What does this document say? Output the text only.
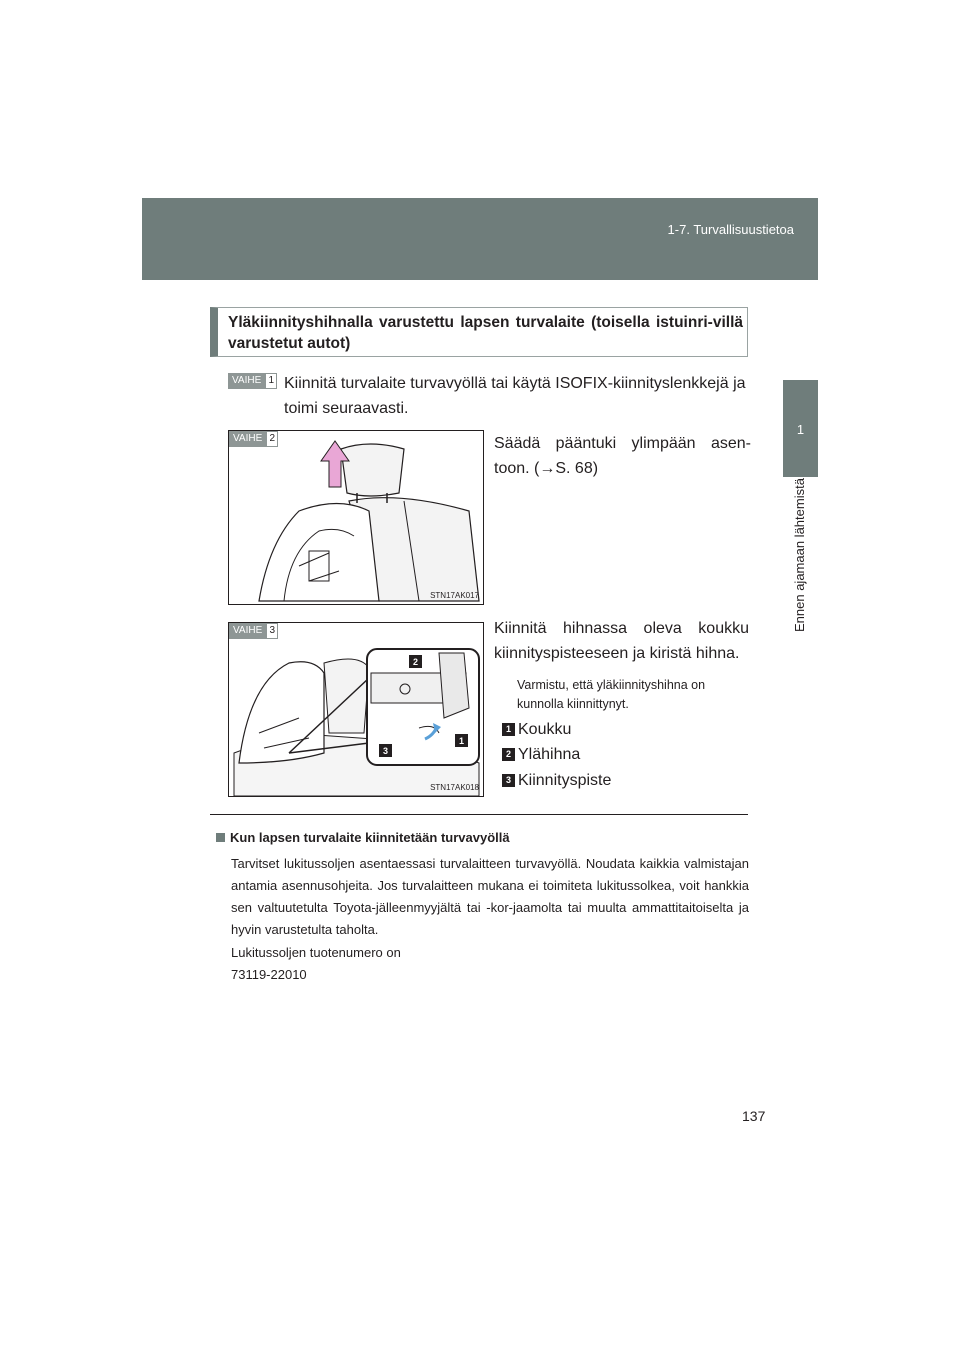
1-7. Turvallisuustietoa
1
Ennen ajamaan lähtemistä
Yläkiinnityshihnalla varustettu lapsen turvalaite (toisella istuinri-villä varustetut autot)
VAIHE 1 Kiinnitä turvalaite turvavyöllä tai käytä ISOFIX-kiinnityslenkkejä ja toimi seuraavasti.
VAIHE 2
STN17AK017
Säädä pääntuki ylimpään asen-toon. (→S. 68)
VAIHE 3
2
1
3
STN17AK018
Kiinnitä hihnassa oleva koukku kiinnityspisteeseen ja kiristä hihna.
Varmistu, että yläkiinnityshihna on kunnolla kiinnittynyt.
1 Koukku
2 Ylähihna
3 Kiinnityspiste
Kun lapsen turvalaite kiinnitetään turvavyöllä
Tarvitset lukitussoljen asentaessasi turvalaitteen turvavyöllä. Noudata kaikkia valmistajan antamia asennusohjeita. Jos turvalaitteen mukana ei toimiteta lukitussolkea, voit hankkia sen valtuutetulta Toyota-jälleenmyyjältä tai -kor-jaamolta tai muulta ammattitaitoiselta ja hyvin varustetulta taholta.
Lukitussoljen tuotenumero on
73119-22010
137
